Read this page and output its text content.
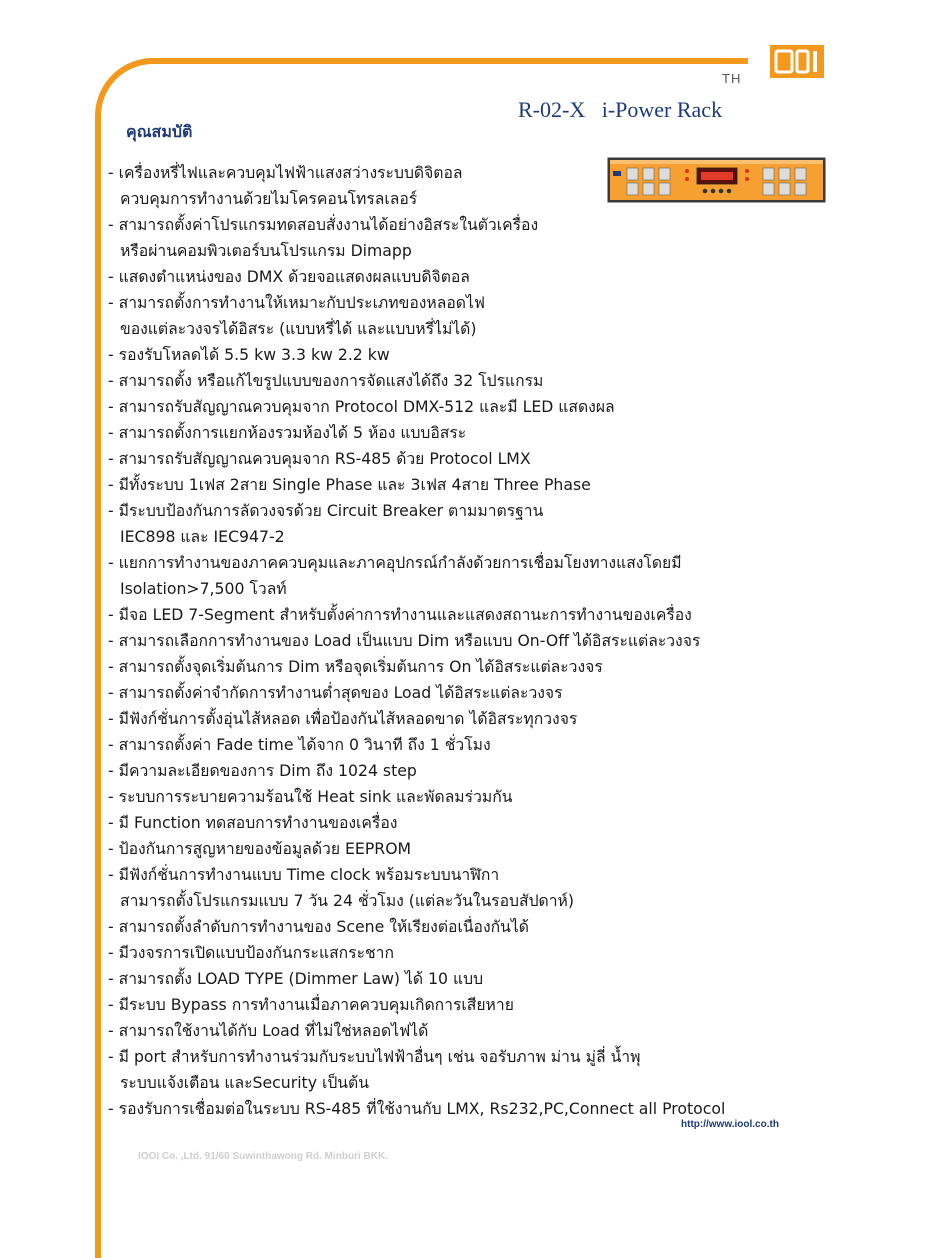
TH
R-02-X   i-Power Rack
คุณสมบัติ
- เครื่องหรี่ไฟและควบคุมไฟฟ้าแสงสว่างระบบดิจิตอล
ควบคุมการทำงานด้วยไมโครคอนโทรลเลอร์
- สามารถตั้งค่าโปรแกรมทดสอบสั่งงานได้อย่างอิสระในตัวเครื่อง
หรือผ่านคอมพิวเตอร์บนโปรแกรม Dimapp
- แสดงตำแหน่งของ DMX ด้วยจอแสดงผลแบบดิจิตอล
- สามารถตั้งการทำงานให้เหมาะกับประเภทของหลอดไฟ
ของแต่ละวงจรได้อิสระ (แบบหรี่ได้ และแบบหรี่ไม่ได้)
- รองรับโหลดได้ 5.5 kw 3.3 kw 2.2 kw
- สามารถตั้ง หรือแก้ไขรูปแบบของการจัดแสงได้ถึง 32 โปรแกรม
- สามารถรับสัญญาณควบคุมจาก Protocol DMX-512 และมี LED แสดงผล
- สามารถตั้งการแยกห้องรวมห้องได้ 5 ห้อง แบบอิสระ
- สามารถรับสัญญาณควบคุมจาก RS-485 ด้วย Protocol LMX
- มีทั้งระบบ 1เฟส 2สาย Single Phase และ 3เฟส 4สาย Three Phase
- มีระบบป้องกันการลัดวงจรด้วย Circuit Breaker ตามมาตรฐาน
IEC898 และ IEC947-2
- แยกการทำงานของภาคควบคุมและภาคอุปกรณ์กำลังด้วยการเชื่อมโยงทางแสงโดยมี
Isolation>7,500 โวลท์
- มีจอ LED 7-Segment สำหรับตั้งค่าการทำงานและแสดงสถานะการทำงานของเครื่อง
- สามารถเลือกการทำงานของ Load เป็นแบบ Dim หรือแบบ On-Off ได้อิสระแต่ละวงจร
- สามารถตั้งจุดเริ่มต้นการ Dim หรือจุดเริ่มต้นการ On ได้อิสระแต่ละวงจร
- สามารถตั้งค่าจำกัดการทำงานต่ำสุดของ Load ได้อิสระแต่ละวงจร
- มีฟังก์ชั่นการตั้งอุ่นไส้หลอด เพื่อป้องกันไส้หลอดขาด ได้อิสระทุกวงจร
- สามารถตั้งค่า Fade time ได้จาก 0 วินาที ถึง 1 ชั่วโมง
- มีความละเอียดของการ Dim ถึง 1024 step
- ระบบการระบายความร้อนใช้ Heat sink และพัดลมร่วมกัน
- มี Function ทดสอบการทำงานของเครื่อง
- ป้องกันการสูญหายของข้อมูลด้วย EEPROM
- มีฟังก์ชั่นการทำงานแบบ Time clock พร้อมระบบนาฬิกา
สามารถตั้งโปรแกรมแบบ 7 วัน 24 ชั่วโมง (แต่ละวันในรอบสัปดาห์)
- สามารถตั้งลำดับการทำงานของ Scene ให้เรียงต่อเนื่องกันได้
- มีวงจรการเปิดแบบป้องกันกระแสกระชาก
- สามารถตั้ง LOAD TYPE (Dimmer Law) ได้ 10 แบบ
- มีระบบ Bypass การทำงานเมื่อภาคควบคุมเกิดการเสียหาย
- สามารถใช้งานได้กับ Load ที่ไม่ใช่หลอดไฟได้
- มี port สำหรับการทำงานร่วมกับระบบไฟฟ้าอื่นๆ เช่น จอรับภาพ ม่าน มู่ลี่ น้ำพุ
ระบบแจ้งเตือน และSecurity เป็นต้น
- รองรับการเชื่อมต่อในระบบ RS-485 ที่ใช้งานกับ LMX, Rs232,PC,Connect all Protocol
http://www.iool.co.th
IOOI Co. ,Ltd. 91/60 Suwinthawong Rd. Minburi BKK.
